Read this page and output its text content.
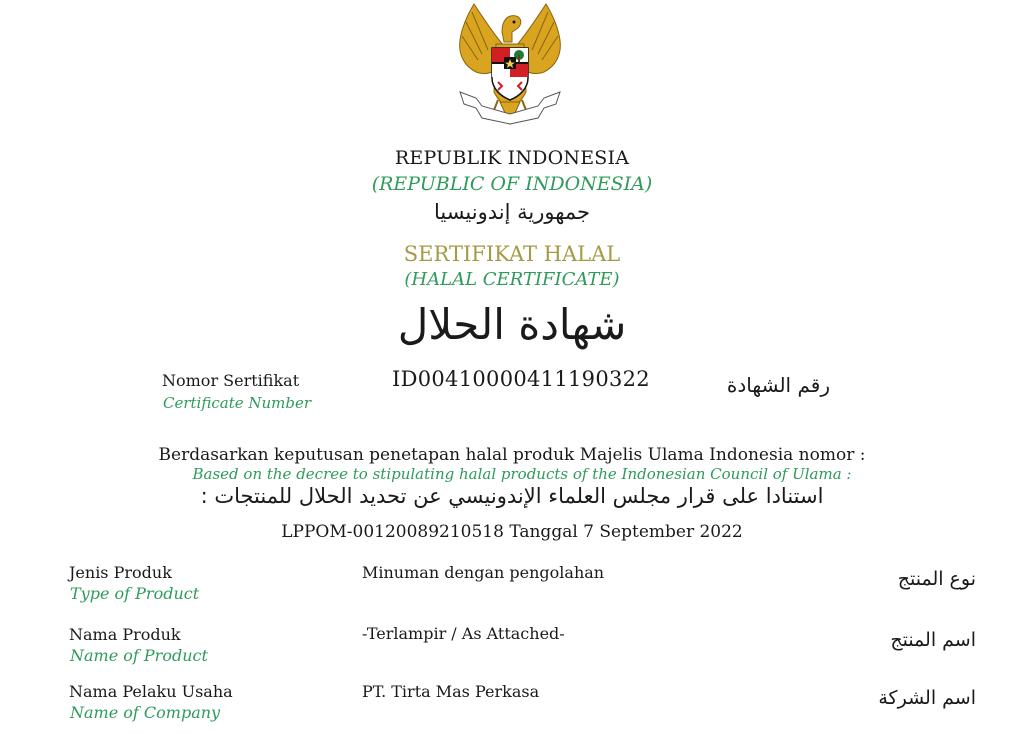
REPUBLIK INDONESIA
(REPUBLIC OF INDONESIA)
جمهورية إندونيسيا
SERTIFIKAT HALAL
(HALAL CERTIFICATE)
شهادة الحلال
Nomor Sertifikat
Certificate Number
ID00410000411190322	رقم الشهادة
Berdasarkan keputusan penetapan halal produk Majelis Ulama Indonesia nomor :
Based on the decree to stipulating halal products of the Indonesian Council of Ulama :
استنادا على قرار مجلس العلماء الإندونيسي عن تحديد الحلال للمنتجات :
LPPOM-00120089210518 Tanggal 7 September 2022
Jenis Produk
Type of Product
Minuman dengan pengolahan	نوع المنتج
Nama Produk
Name of Product
-Terlampir / As Attached-	اسم المنتج
Nama Pelaku Usaha
Name of Company
PT. Tirta Mas Perkasa	اسم الشركة
